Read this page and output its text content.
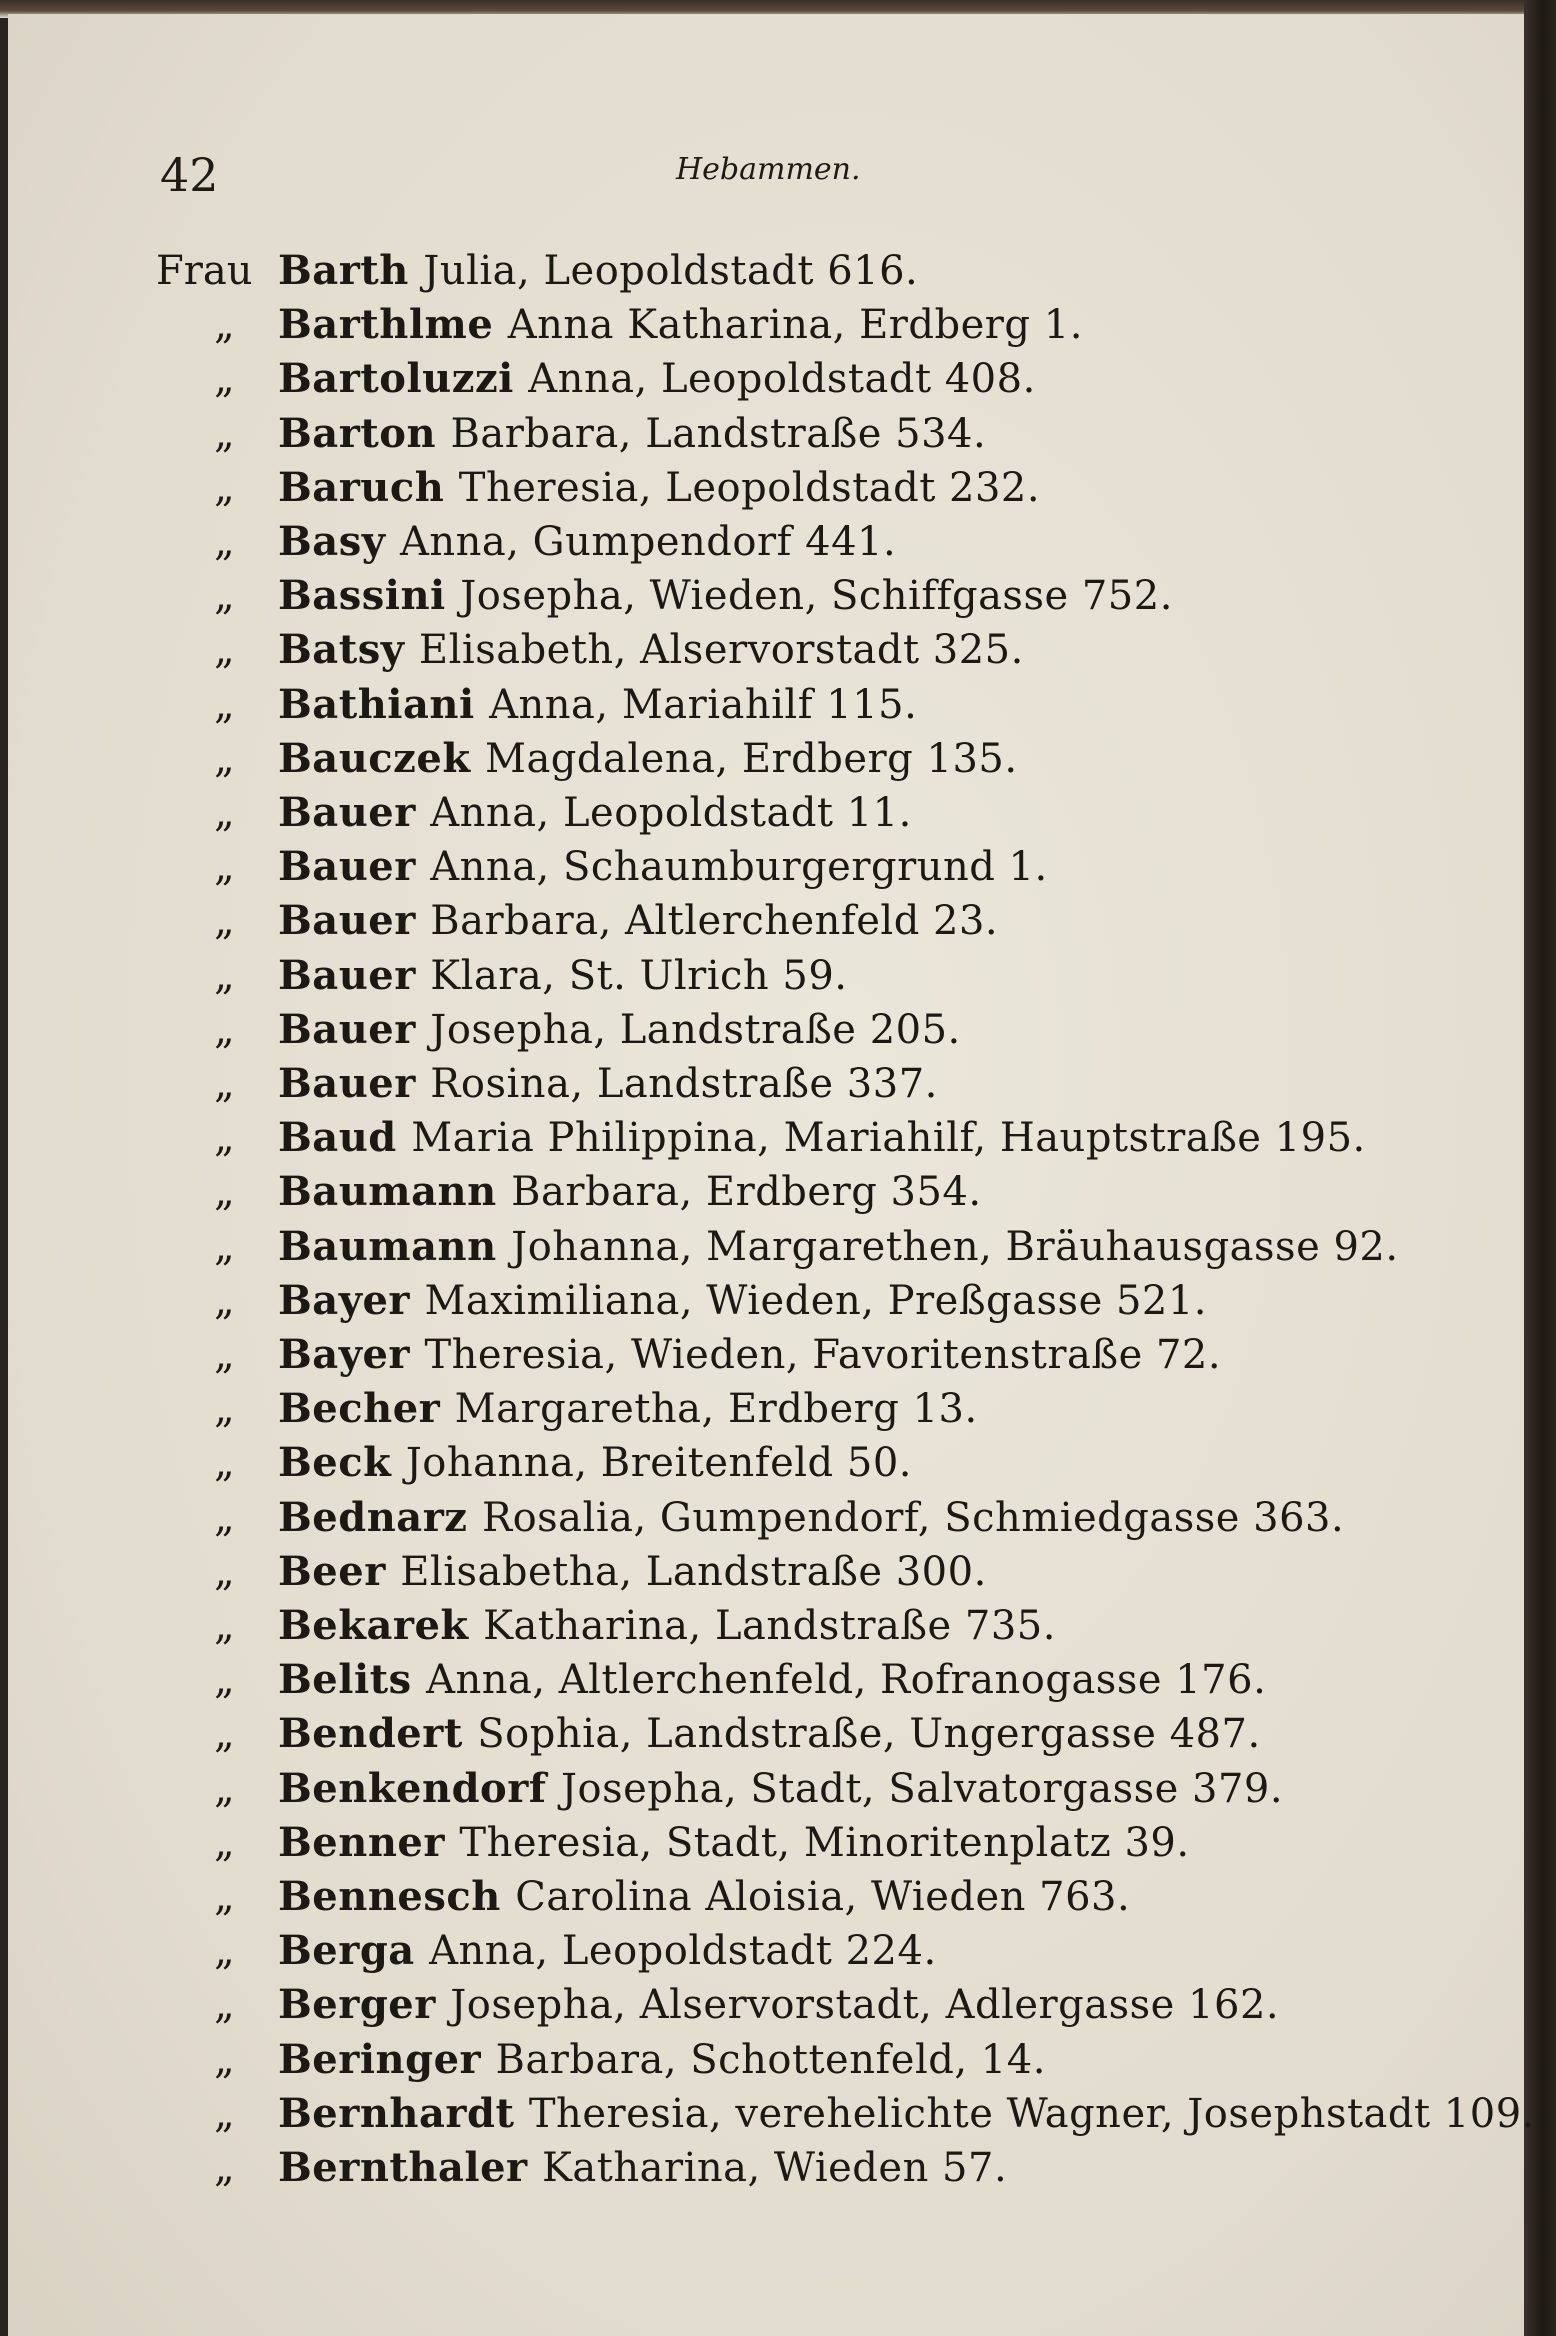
42	Hebammen.
Frau Barth Julia, Leopoldstadt 616.
„	Barthlme Anna Katharina, Erdberg 1.
„	Bartoluzzi Anna, Leopoldstadt 408.
„	Barton Barbara, Landstraße 534.
„	Baruch Theresia, Leopoldstadt 232.
„	Basy Anna, Gumpendorf 441.
„	Bassini Josepha, Wieden, Schiffgasse 752.
„	Batsy Elisabeth, Alservorstadt 325.
„	Bathiani Anna, Mariahilf 115.
„	Bauczek Magdalena, Erdberg 135.
„	Bauer Anna, Leopoldstadt 11.
„	Bauer Anna, Schaumburgergrund 1.
„	Bauer Barbara, Altlerchenfeld 23.
„	Bauer Klara, St. Ulrich 59.
„	Bauer Josepha, Landstraße 205.
„	Bauer Rosina, Landstraße 337.
„	Baud Maria Philippina, Mariahilf, Hauptstraße 195.
„	Baumann Barbara, Erdberg 354.
„	Baumann Johanna, Margarethen, Bräuhausgasse 92.
„	Bayer Maximiliana, Wieden, Preßgasse 521.
„	Bayer Theresia, Wieden, Favoritenstraße 72.
„	Becher Margaretha, Erdberg 13.
„	Beck Johanna, Breitenfeld 50.
„	Bednarz Rosalia, Gumpendorf, Schmiedgasse 363.
„	Beer Elisabetha, Landstraße 300.
„	Bekarek Katharina, Landstraße 735.
„	Belits Anna, Altlerchenfeld, Rofranogasse 176.
„	Bendert Sophia, Landstraße, Ungergasse 487.
„	Benkendorf Josepha, Stadt, Salvatorgasse 379.
„	Benner Theresia, Stadt, Minoritenplatz 39.
„	Bennesch Carolina Aloisia, Wieden 763.
„	Berga Anna, Leopoldstadt 224.
„	Berger Josepha, Alservorstadt, Adlergasse 162.
„	Beringer Barbara, Schottenfeld, 14.
„	Bernhardt Theresia, verehelichte Wagner, Josephstadt 109.
„	Bernthaler Katharina, Wieden 57.
